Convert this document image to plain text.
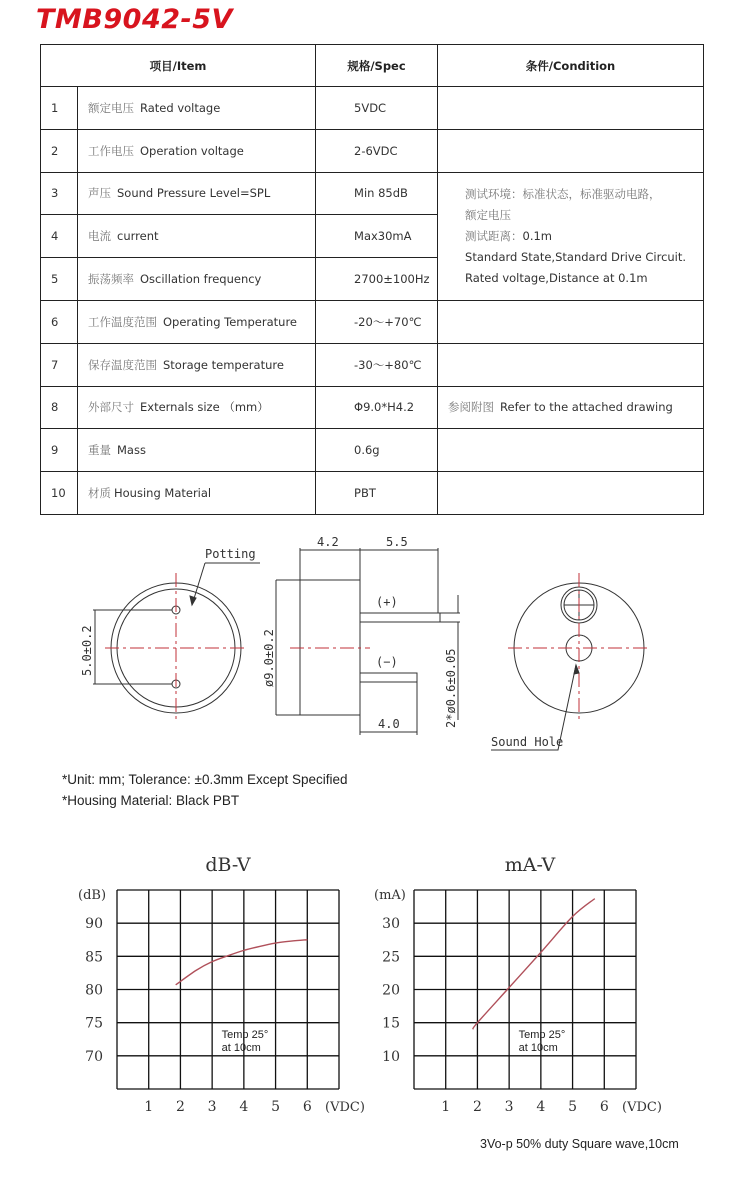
TMB9042-5V
项目/Item		规格/Spec	条件/Condition
1	额定电压 Rated voltage	5VDC	
2	工作电压 Operation voltage	2-6VDC	
3	声压 Sound Pressure Level=SPL	Min 85dB	测试环境：标准状态，标准驱动电路，
额定电压
测试距离：0.1m
Standard State,Standard Drive Circuit.
Rated voltage,Distance at 0.1m

4	电流 current	Max30mA	
5	振荡频率 Oscillation frequency	2700±100Hz	
6	工作温度范围 Operating Temperature	-20～+70℃	
7	保存温度范围 Storage temperature	-30～+80℃	
8	外部尺寸 Externals size （mm）	Φ9.0*H4.2	参阅附图 Refer to the attached drawing
9	重量 Mass	0.6g	
10	材质 Housing Material	PBT	
Potting
5.0±0.2
4.2	5.5
4.0
(+)
(−)
ø9.0±0.2	2*ø0.6±0.05
Sound Hole
*Unit: mm; Tolerance: ±0.3mm Except Specified
*Housing Material: Black PBT
dB-V
(dB)
90
85
80
75
70
1 2 3 4 5 6 (VDC)
Temp 25°
at 10cm
mA-V
(mA)
30
25
20
15
10
1 2 3 4 5 6 (VDC)
Temp 25°
at 10cm
3Vo-p 50% duty Square wave,10cm
